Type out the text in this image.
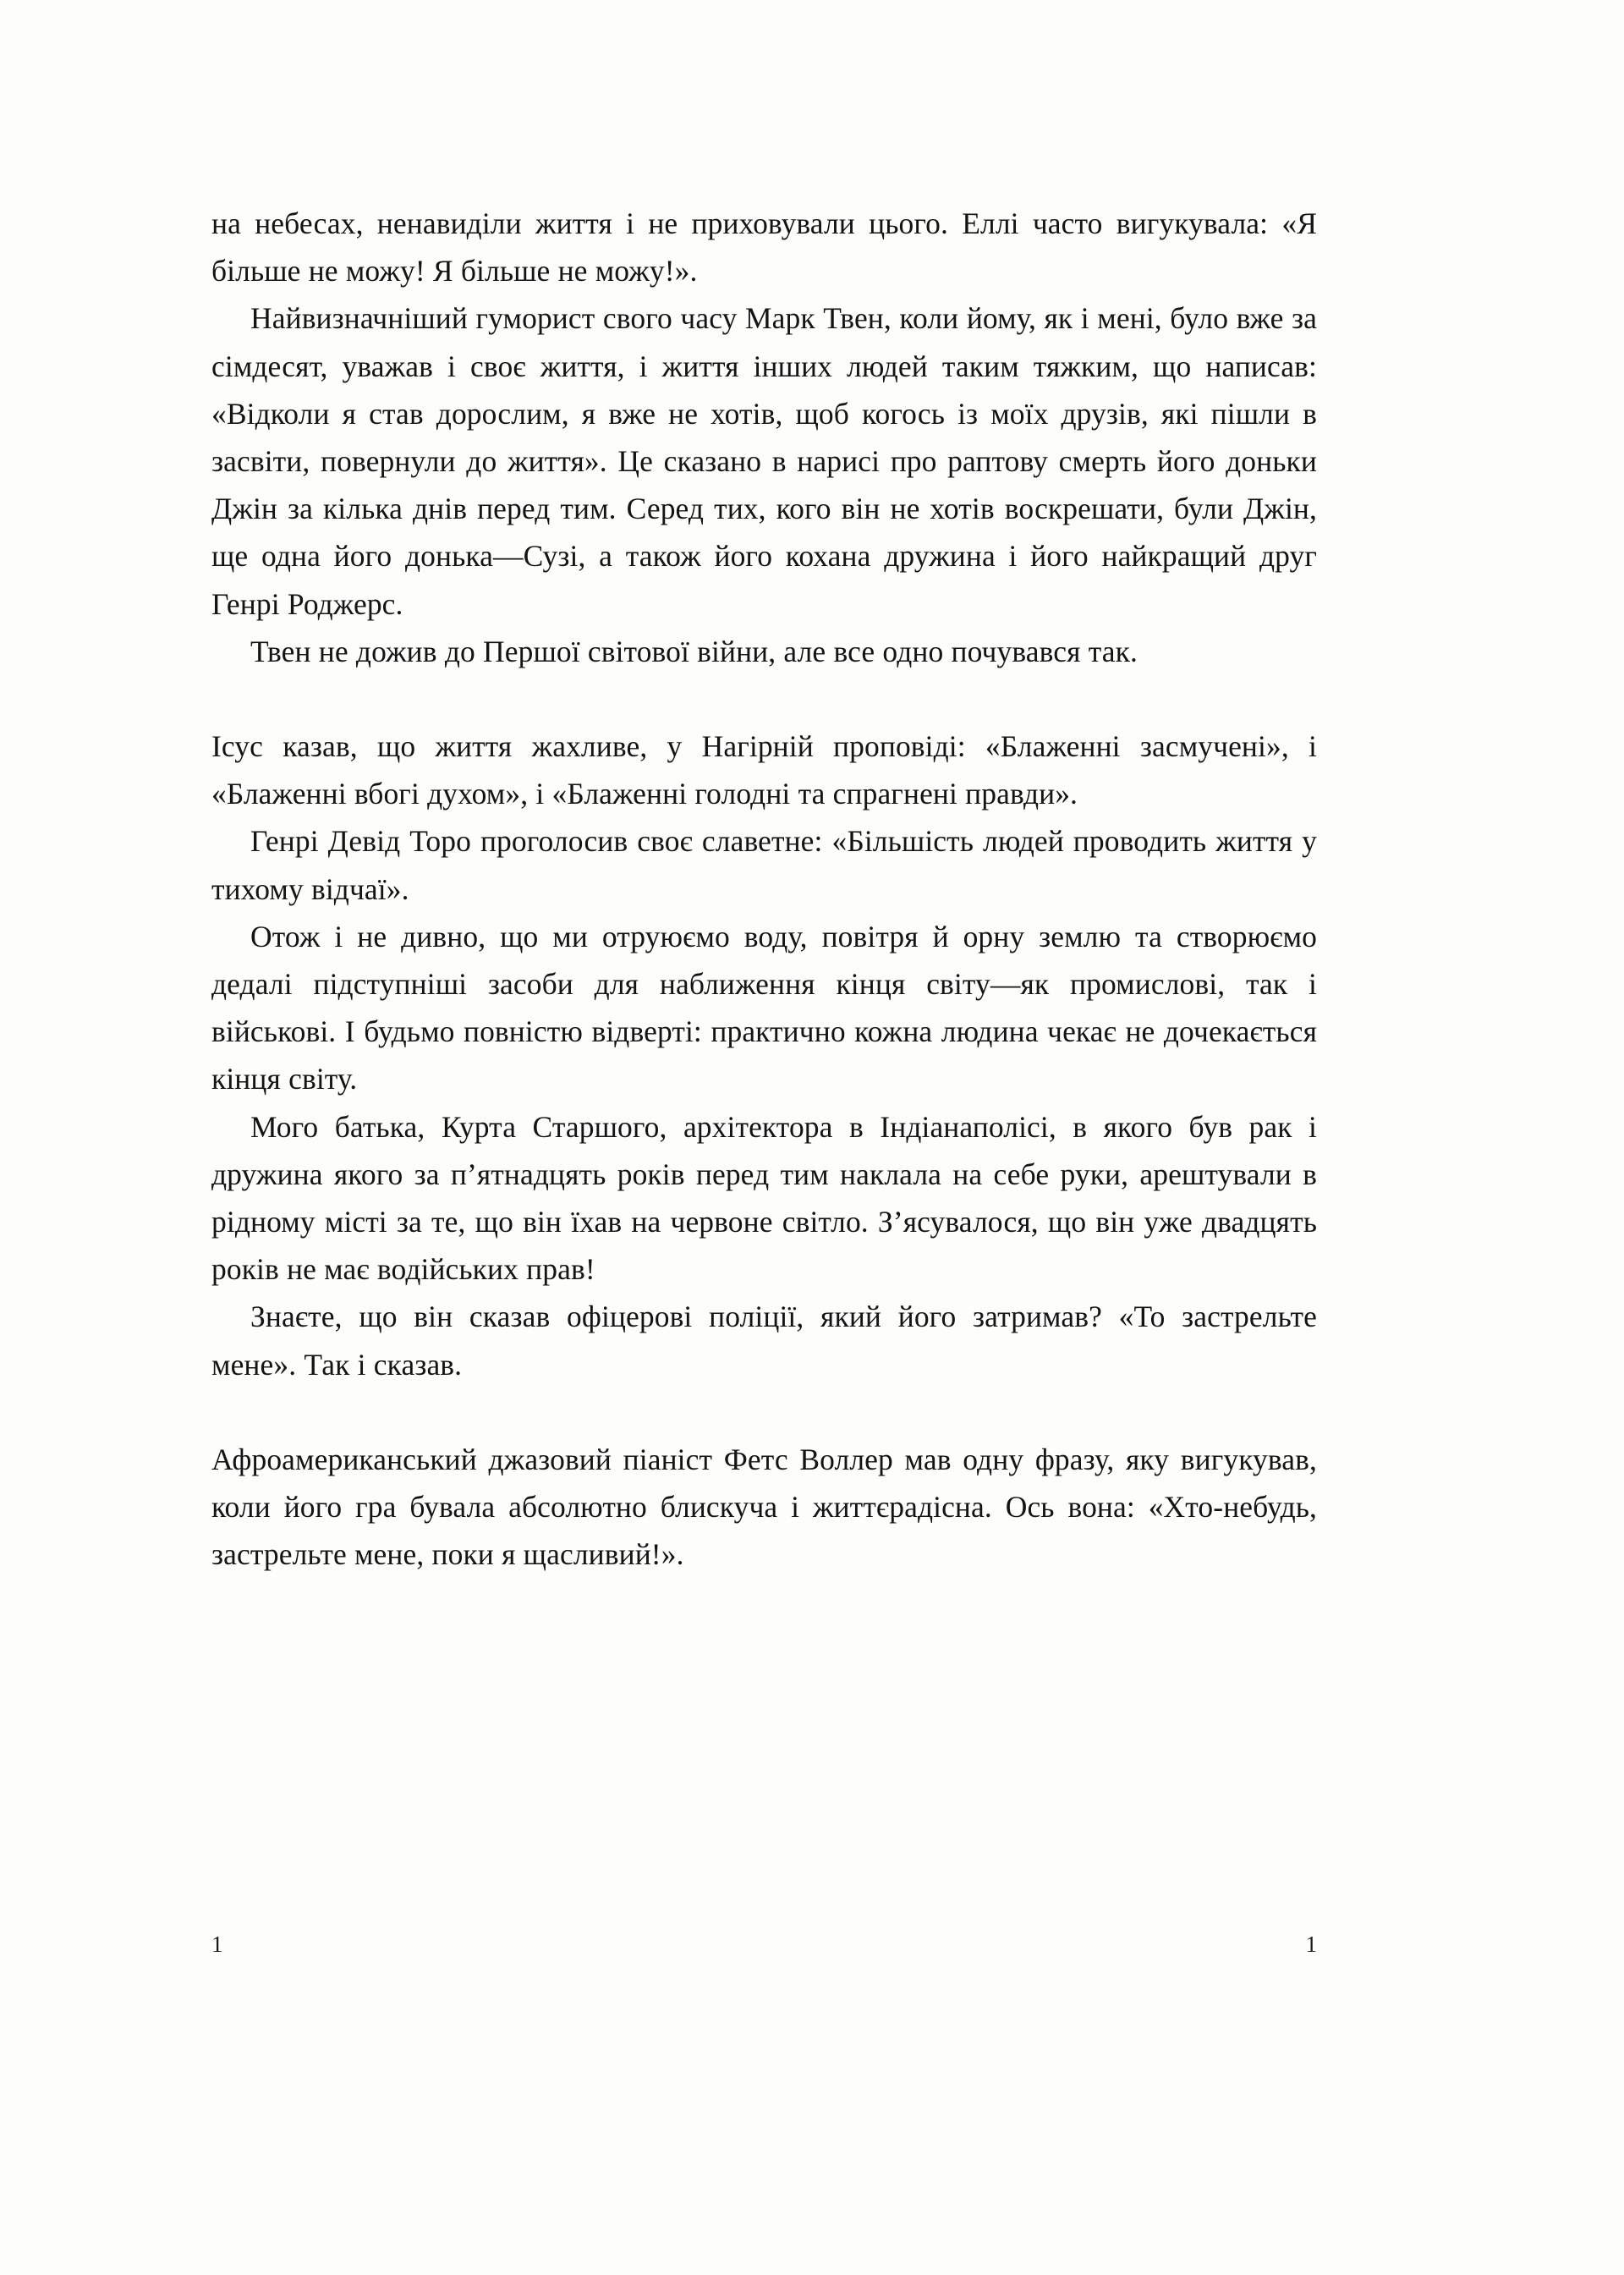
на небесах, ненавиділи життя і не приховували цього. Еллі часто вигукувала: «Я більше не можу! Я більше не можу!».

Найвизначніший гуморист свого часу Марк Твен, коли йому, як і мені, було вже за сімдесят, уважав і своє життя, і життя інших людей таким тяжким, що написав: «Відколи я став дорослим, я вже не хотів, щоб когось із моїх друзів, які пішли в засвіти, повернули до життя». Це сказано в нарисі про раптову смерть його доньки Джін за кілька днів перед тим. Серед тих, кого він не хотів воскрешати, були Джін, ще одна його донька—Сузі, а також його кохана дружина і його найкращий друг Генрі Роджерс.

Твен не дожив до Першої світової війни, але все одно почувався так.

Ісус казав, що життя жахливе, у Нагірній проповіді: «Блаженні засмучені», і «Блаженні вбогі духом», і «Блаженні голодні та спрагнені правди».

Генрі Девід Торо проголосив своє славетне: «Більшість людей проводить життя у тихому відчаї».

Отож і не дивно, що ми отруюємо воду, повітря й орну землю та створюємо дедалі підступніші засоби для наближення кінця світу—як промислові, так і військові. І будьмо повністю відверті: практично кожна людина чекає не дочекається кінця світу.

Мого батька, Курта Старшого, архітектора в Індіанаполісі, в якого був рак і дружина якого за п’ятнадцять років перед тим наклала на себе руки, арештували в рідному місті за те, що він їхав на червоне світло. З’ясувалося, що він уже двадцять років не має водійських прав!

Знаєте, що він сказав офіцерові поліції, який його затримав? «То застрельте мене». Так і сказав.

Афроамериканський джазовий піаніст Фетс Воллер мав одну фразу, яку вигукував, коли його гра бувала абсолютно блискуча і життєрадісна. Ось вона: «Хто-небудь, застрельте мене, поки я щасливий!».

1	1
